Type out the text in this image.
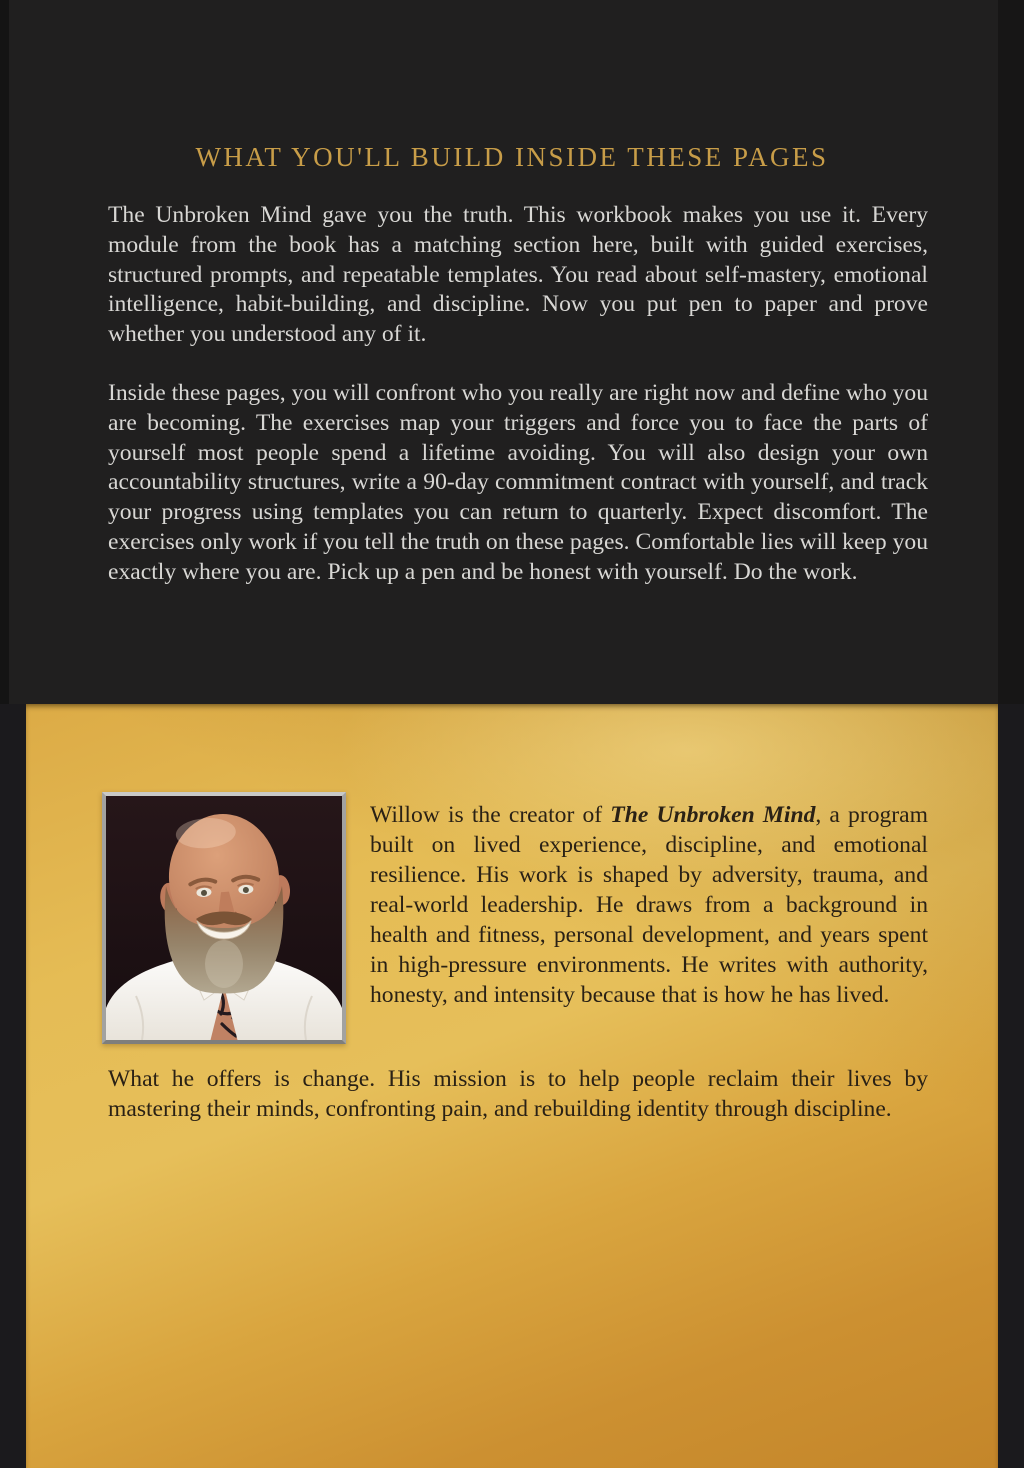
WHAT YOU'LL BUILD INSIDE THESE PAGES

The Unbroken Mind gave you the truth. This workbook makes you use it. Every module from the book has a matching section here, built with guided exercises, structured prompts, and repeatable templates. You read about self-mastery, emotional intelligence, habit-building, and discipline. Now you put pen to paper and prove whether you understood any of it.

Inside these pages, you will confront who you really are right now and define who you are becoming. The exercises map your triggers and force you to face the parts of yourself most people spend a lifetime avoiding. You will also design your own accountability structures, write a 90-day commitment contract with yourself, and track your progress using templates you can return to quarterly. Expect discomfort. The exercises only work if you tell the truth on these pages. Comfortable lies will keep you exactly where you are. Pick up a pen and be honest with yourself. Do the work.

Willow is the creator of The Unbroken Mind, a program built on lived experience, discipline, and emotional resilience. His work is shaped by adversity, trauma, and real-world leadership. He draws from a background in health and fitness, personal development, and years spent in high-pressure environments. He writes with authority, honesty, and intensity because that is how he has lived.

What he offers is change. His mission is to help people reclaim their lives by mastering their minds, confronting pain, and rebuilding identity through discipline.
